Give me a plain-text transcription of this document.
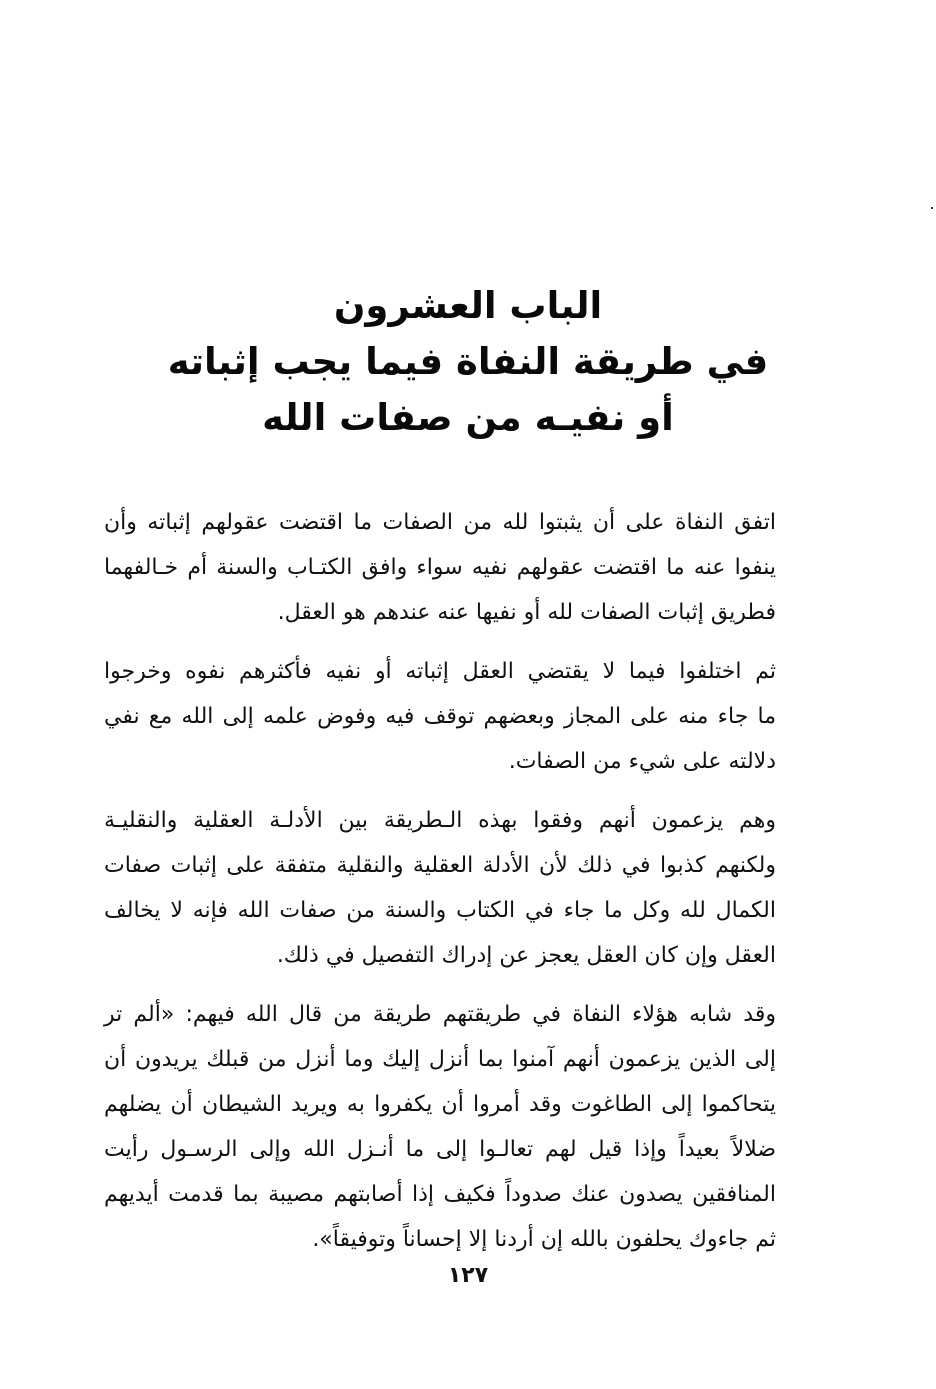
الباب العشرون
في طريقة النفاة فيما يجب إثباته
أو نفيـه من صفات الله

اتفق النفاة على أن يثبتوا لله من الصفات ما اقتضت عقولهم إثباته وأن
ينفوا عنه ما اقتضت عقولهم نفيه سواء وافق الكتـاب والسنة أم خـالفهما
فطريق إثبات الصفات لله أو نفيها عنه عندهم هو العقل.

ثم اختلفوا فيما لا يقتضي العقل إثباته أو نفيه فأكثرهم نفوه وخرجوا
ما جاء منه على المجاز وبعضهم توقف فيه وفوض علمه إلى الله مع نفي
دلالته على شيء من الصفات.

وهم يزعمون أنهم وفقوا بهذه الـطريقة بين الأدلـة العقلية والنقليـة
ولكنهم كذبوا في ذلك لأن الأدلة العقلية والنقلية متفقة على إثبات صفات
الكمال لله وكل ما جاء في الكتاب والسنة من صفات الله فإنه لا يخالف
العقل وإن كان العقل يعجز عن إدراك التفصيل في ذلك.

وقد شابه هؤلاء النفاة في طريقتهم طريقة من قال الله فيهم: «ألم تر
إلى الذين يزعمون أنهم آمنوا بما أنزل إليك وما أنزل من قبلك يريدون أن
يتحاكموا إلى الطاغوت وقد أمروا أن يكفروا به ويريد الشيطان أن يضلهم
ضلالاً بعيداً وإذا قيل لهم تعالـوا إلى ما أنـزل الله وإلى الرسـول رأيت
المنافقين يصدون عنك صدوداً فكيف إذا أصابتهم مصيبة بما قدمت أيديهم
ثم جاءوك يحلفون بالله إن أردنا إلا إحساناً وتوفيقاً».

١٢٧
